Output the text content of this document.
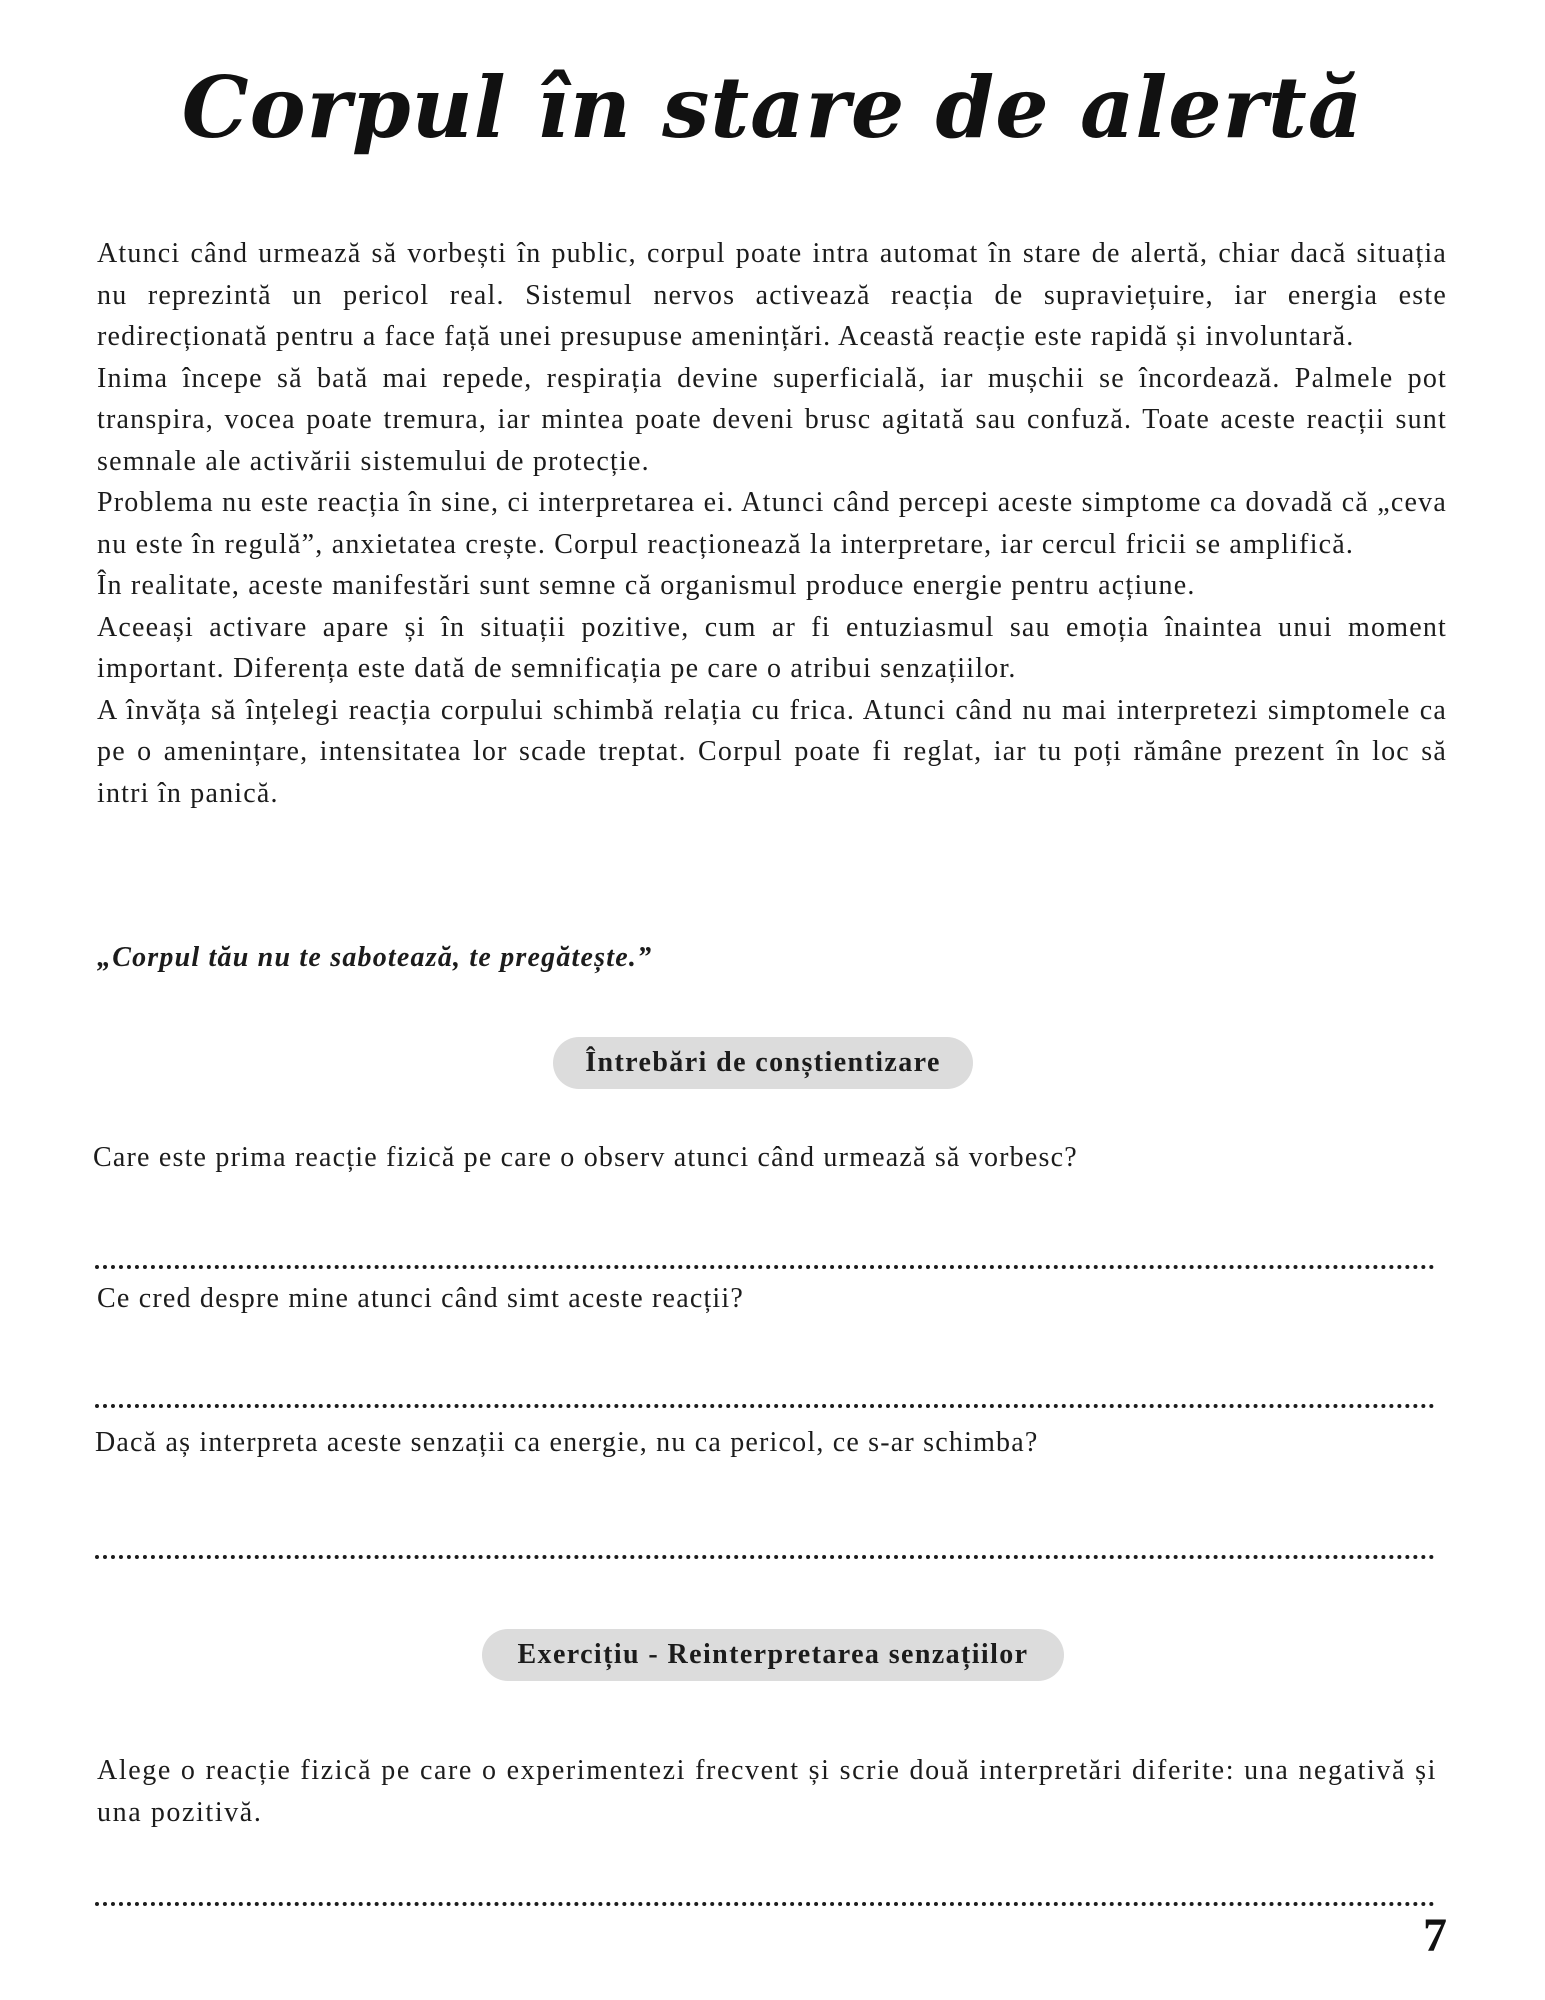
Corpul în stare de alertă

Atunci când urmează să vorbești în public, corpul poate intra automat în stare de alertă, chiar dacă situația nu reprezintă un pericol real. Sistemul nervos activează reacția de supraviețuire, iar energia este redirecționată pentru a face față unei presupuse amenințări. Această reacție este rapidă și involuntară.

Inima începe să bată mai repede, respirația devine superficială, iar mușchii se încordează. Palmele pot transpira, vocea poate tremura, iar mintea poate deveni brusc agitată sau confuză. Toate aceste reacții sunt semnale ale activării sistemului de protecție.

Problema nu este reacția în sine, ci interpretarea ei. Atunci când percepi aceste simptome ca dovadă că „ceva nu este în regulă”, anxietatea crește. Corpul reacționează la interpretare, iar cercul fricii se amplifică.

În realitate, aceste manifestări sunt semne că organismul produce energie pentru acțiune.

Aceeași activare apare și în situații pozitive, cum ar fi entuziasmul sau emoția înaintea unui moment important. Diferența este dată de semnificația pe care o atribui senzațiilor.

A învăța să înțelegi reacția corpului schimbă relația cu frica. Atunci când nu mai interpretezi simptomele ca pe o amenințare, intensitatea lor scade treptat. Corpul poate fi reglat, iar tu poți rămâne prezent în loc să intri în panică.

„Corpul tău nu te sabotează, te pregătește.”
Întrebări de conștientizare
Care este prima reacție fizică pe care o observ atunci când urmează să vorbesc?
Ce cred despre mine atunci când simt aceste reacții?
Dacă aș interpreta aceste senzații ca energie, nu ca pericol, ce s-ar schimba?
Exercițiu - Reinterpretarea senzațiilor
Alege o reacție fizică pe care o experimentezi frecvent și scrie două interpretări diferite: una negativă și una pozitivă.
7
